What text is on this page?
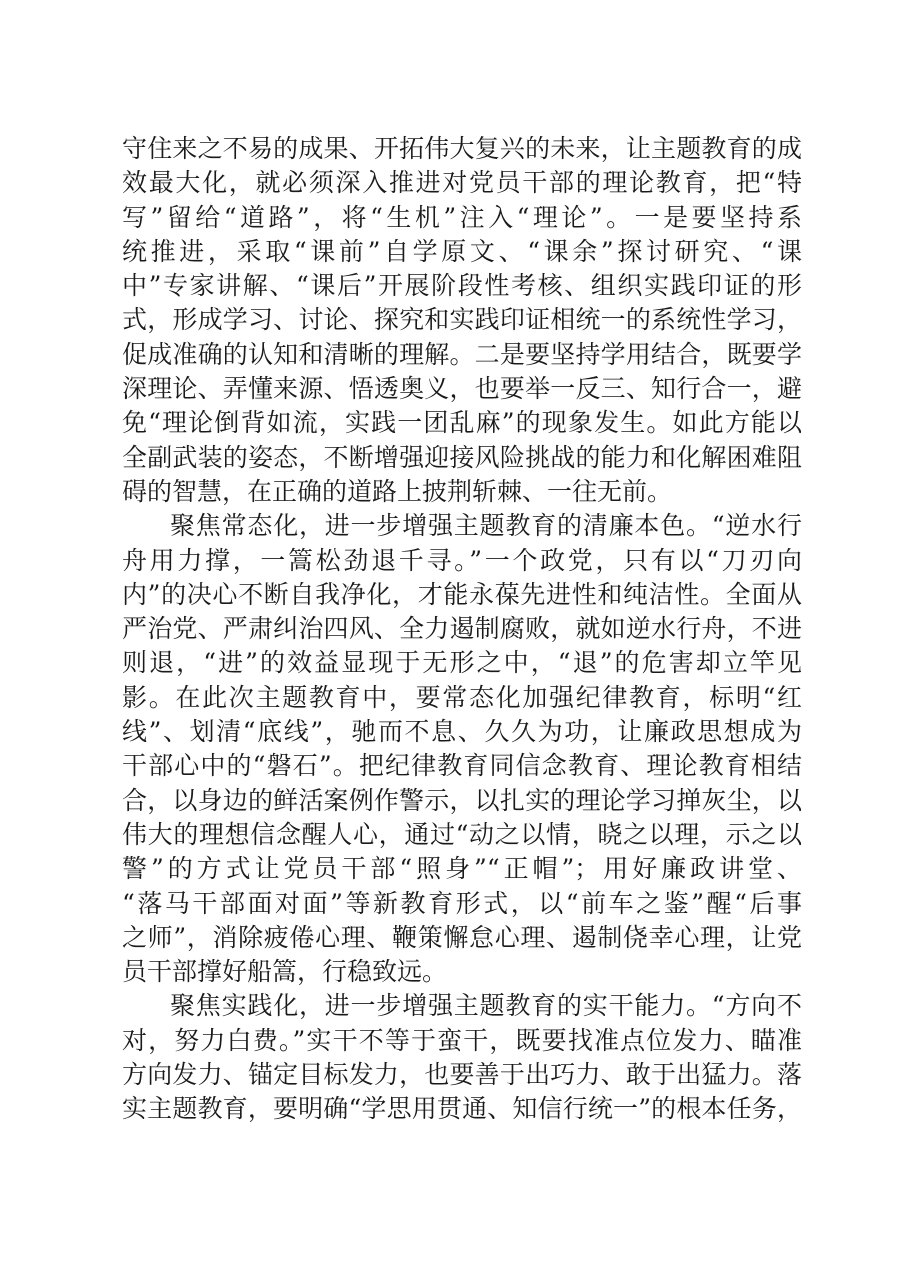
守住来之不易的成果、开拓伟大复兴的未来，让主题教育的成
效最大化，就必须深入推进对党员干部的理论教育，把“特
写”留给“道路”，将“生机”注入“理论”。一是要坚持系
统推进，采取“课前”自学原文、“课余”探讨研究、“课
中”专家讲解、“课后”开展阶段性考核、组织实践印证的形
式，形成学习、讨论、探究和实践印证相统一的系统性学习，
促成准确的认知和清晰的理解。二是要坚持学用结合，既要学
深理论、弄懂来源、悟透奥义，也要举一反三、知行合一，避
免“理论倒背如流，实践一团乱麻”的现象发生。如此方能以
全副武装的姿态，不断增强迎接风险挑战的能力和化解困难阻
碍的智慧，在正确的道路上披荆斩棘、一往无前。
聚焦常态化，进一步增强主题教育的清廉本色。“逆水行
舟用力撑，一篙松劲退千寻。”一个政党，只有以“刀刃向
内”的决心不断自我净化，才能永葆先进性和纯洁性。全面从
严治党、严肃纠治四风、全力遏制腐败，就如逆水行舟，不进
则退，“进”的效益显现于无形之中，“退”的危害却立竿见
影。在此次主题教育中，要常态化加强纪律教育，标明“红
线”、划清“底线”，驰而不息、久久为功，让廉政思想成为
干部心中的“磐石”。把纪律教育同信念教育、理论教育相结
合，以身边的鲜活案例作警示，以扎实的理论学习掸灰尘，以
伟大的理想信念醒人心，通过“动之以情，晓之以理，示之以
警”的方式让党员干部“照身”“正帽”；用好廉政讲堂、
“落马干部面对面”等新教育形式，以“前车之鉴”醒“后事
之师”，消除疲倦心理、鞭策懈怠心理、遏制侥幸心理，让党
员干部撑好船篙，行稳致远。
聚焦实践化，进一步增强主题教育的实干能力。“方向不
对，努力白费。”实干不等于蛮干，既要找准点位发力、瞄准
方向发力、锚定目标发力，也要善于出巧力、敢于出猛力。落
实主题教育，要明确“学思用贯通、知信行统一”的根本任务，
